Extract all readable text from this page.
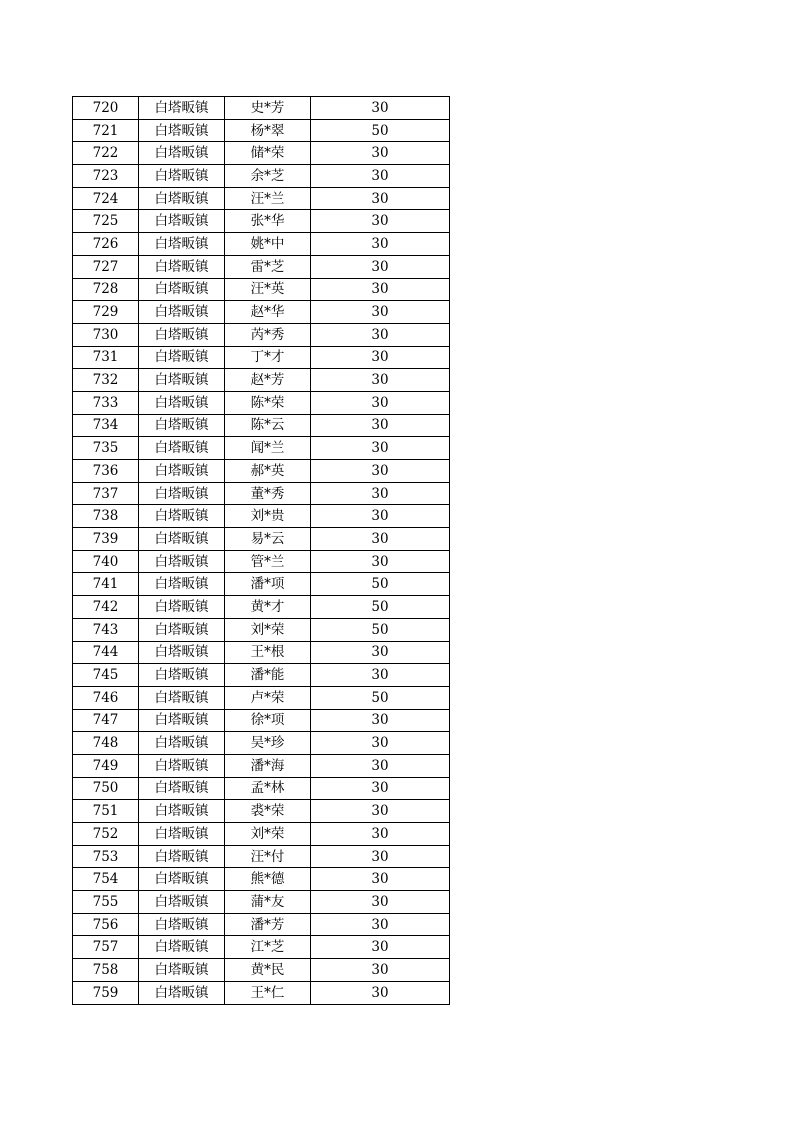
720	白塔畈镇	史*芳	30
721	白塔畈镇	杨*翠	50
722	白塔畈镇	储*荣	30
723	白塔畈镇	余*芝	30
724	白塔畈镇	汪*兰	30
725	白塔畈镇	张*华	30
726	白塔畈镇	姚*中	30
727	白塔畈镇	雷*芝	30
728	白塔畈镇	汪*英	30
729	白塔畈镇	赵*华	30
730	白塔畈镇	芮*秀	30
731	白塔畈镇	丁*才	30
732	白塔畈镇	赵*芳	30
733	白塔畈镇	陈*荣	30
734	白塔畈镇	陈*云	30
735	白塔畈镇	闻*兰	30
736	白塔畈镇	郝*英	30
737	白塔畈镇	董*秀	30
738	白塔畈镇	刘*贵	30
739	白塔畈镇	易*云	30
740	白塔畈镇	管*兰	30
741	白塔畈镇	潘*项	50
742	白塔畈镇	黄*才	50
743	白塔畈镇	刘*荣	50
744	白塔畈镇	王*根	30
745	白塔畈镇	潘*能	30
746	白塔畈镇	卢*荣	50
747	白塔畈镇	徐*项	30
748	白塔畈镇	吴*珍	30
749	白塔畈镇	潘*海	30
750	白塔畈镇	孟*林	30
751	白塔畈镇	裘*荣	30
752	白塔畈镇	刘*荣	30
753	白塔畈镇	汪*付	30
754	白塔畈镇	熊*德	30
755	白塔畈镇	蒲*友	30
756	白塔畈镇	潘*芳	30
757	白塔畈镇	江*芝	30
758	白塔畈镇	黄*民	30
759	白塔畈镇	王*仁	30
